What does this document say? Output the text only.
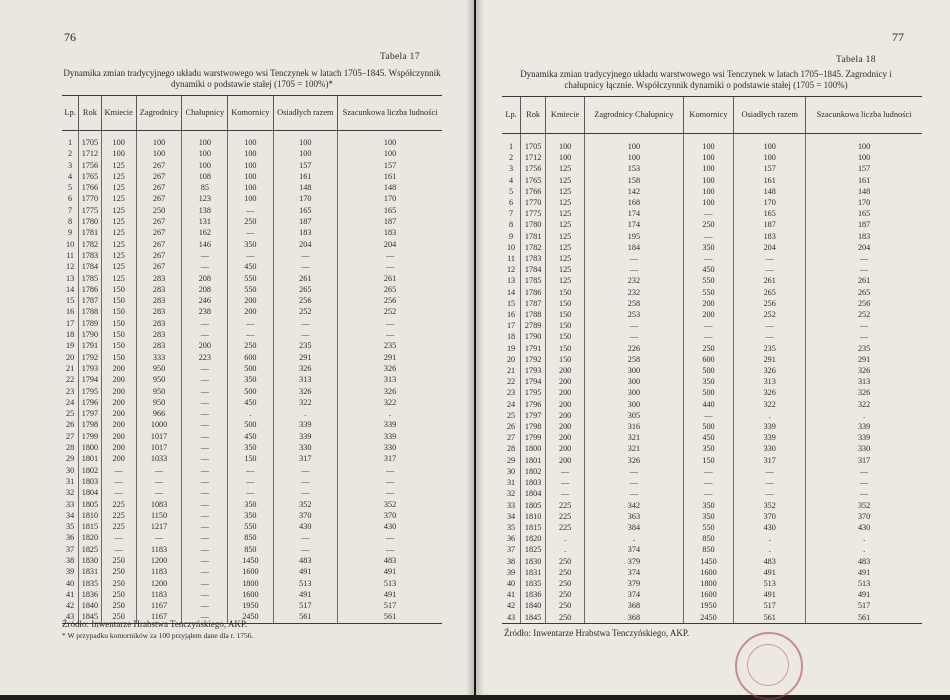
76
Tabela 17
Dynamika zmian tradycyjnego układu warstwowego wsi Tenczynek w latach 1705–1845. Współczynnik dynamiki o podstawie stałej (1705 = 100%)*
Lp.	Rok	Kmiecie	Zagrodnicy	Chałupnicy	Komornicy	Osiadłych razem	Szacunkowa liczba ludności
1	1705	100	100	100	100	100	100
2	1712	100	100	100	100	100	100
3	1756	125	267	100	100	157	157
4	1765	125	267	108	100	161	161
5	1766	125	267	85	100	148	148
6	1770	125	267	123	100	170	170
7	1775	125	250	138	—	165	165
8	1780	125	267	131	250	187	187
9	1781	125	267	162	—	183	183
10	1782	125	267	146	350	204	204
11	1783	125	267	—	—	—	—
12	1784	125	267	—	450	—	—
13	1785	125	283	208	550	261	261
14	1786	150	283	208	550	265	265
15	1787	150	283	246	200	256	256
16	1788	150	283	238	200	252	252
17	1789	150	283	—	—	—	—
18	1790	150	283	—	—	—	—
19	1791	150	283	200	250	235	235
20	1792	150	333	223	600	291	291
21	1793	200	950	—	500	326	326
22	1794	200	950	—	350	313	313
23	1795	200	950	—	500	326	326
24	1796	200	950	—	450	322	322
25	1797	200	966	—	.	.	.
26	1798	200	1000	—	500	339	339
27	1799	200	1017	—	450	339	339
28	1800	200	1017	—	350	330	330
29	1801	200	1033	—	150	317	317
30	1802	—	—	—	—	—	—
31	1803	—	—	—	—	—	—
32	1804	—	—	—	—	—	—
33	1805	225	1083	—	350	352	352
34	1810	225	1150	—	350	370	370
35	1815	225	1217	—	550	430	430
36	1820	—	—	—	850	—	—
37	1825	—	1183	—	850	—	—
38	1830	250	1200	—	1450	483	483
39	1831	250	1183	—	1600	491	491
40	1835	250	1200	—	1800	513	513
41	1836	250	1183	—	1600	491	491
42	1840	250	1167	—	1950	517	517
43	1845	250	1167	—	2450	561	561
Źródło: Inwentarze Hrabstwa Tenczyńskiego, AKP.
* W przypadku komorników za 100 przyjąłem dane dla r. 1756.
77
Tabela 18
Dynamika zmian tradycyjnego układu warstwowego wsi Tenczynek w latach 1705–1845. Zagrodnicy i chałupnicy łącznie. Współczynnik dynamiki o podstawie stałej (1705 = 100%)
Lp.	Rok	Kmiecie	Zagrodnicy Chałupnicy	Komornicy	Osiadłych razem	Szacunkowa liczba ludności
1	1705	100	100	100	100	100
2	1712	100	100	100	100	100
3	1756	125	153	100	157	157
4	1765	125	158	100	161	161
5	1766	125	142	100	148	148
6	1770	125	168	100	170	170
7	1775	125	174	—	165	165
8	1780	125	174	250	187	187
9	1781	125	195	—	183	183
10	1782	125	184	350	204	204
11	1783	125	—	—	—	—
12	1784	125	—	450	—	—
13	1785	125	232	550	261	261
14	1786	150	232	550	265	265
15	1787	150	258	200	256	256
16	1788	150	253	200	252	252
17	2789	150	—	—	—	—
18	1790	150	—	—	—	—
19	1791	150	226	250	235	235
20	1792	150	258	600	291	291
21	1793	200	300	500	326	326
22	1794	200	300	350	313	313
23	1795	200	300	500	326	326
24	1796	200	300	440	322	322
25	1797	200	305	—	.	.
26	1798	200	316	500	339	339
27	1799	200	321	450	339	339
28	1800	200	321	350	330	330
29	1801	200	326	150	317	317
30	1802	—	—	—	—	—
31	1803	—	—	—	—	—
32	1804	—	—	—	—	—
33	1805	225	342	350	352	352
34	1810	225	363	350	370	370
35	1815	225	384	550	430	430
36	1820	.	.	850	.	.
37	1825	.	374	850	.	.
38	1830	250	379	1450	483	483
39	1831	250	374	1600	491	491
40	1835	250	379	1800	513	513
41	1836	250	374	1600	491	491
42	1840	250	368	1950	517	517
43	1845	250	368	2450	561	561
Źródło: Inwentarze Hrabstwa Tenczyńskiego, AKP.
